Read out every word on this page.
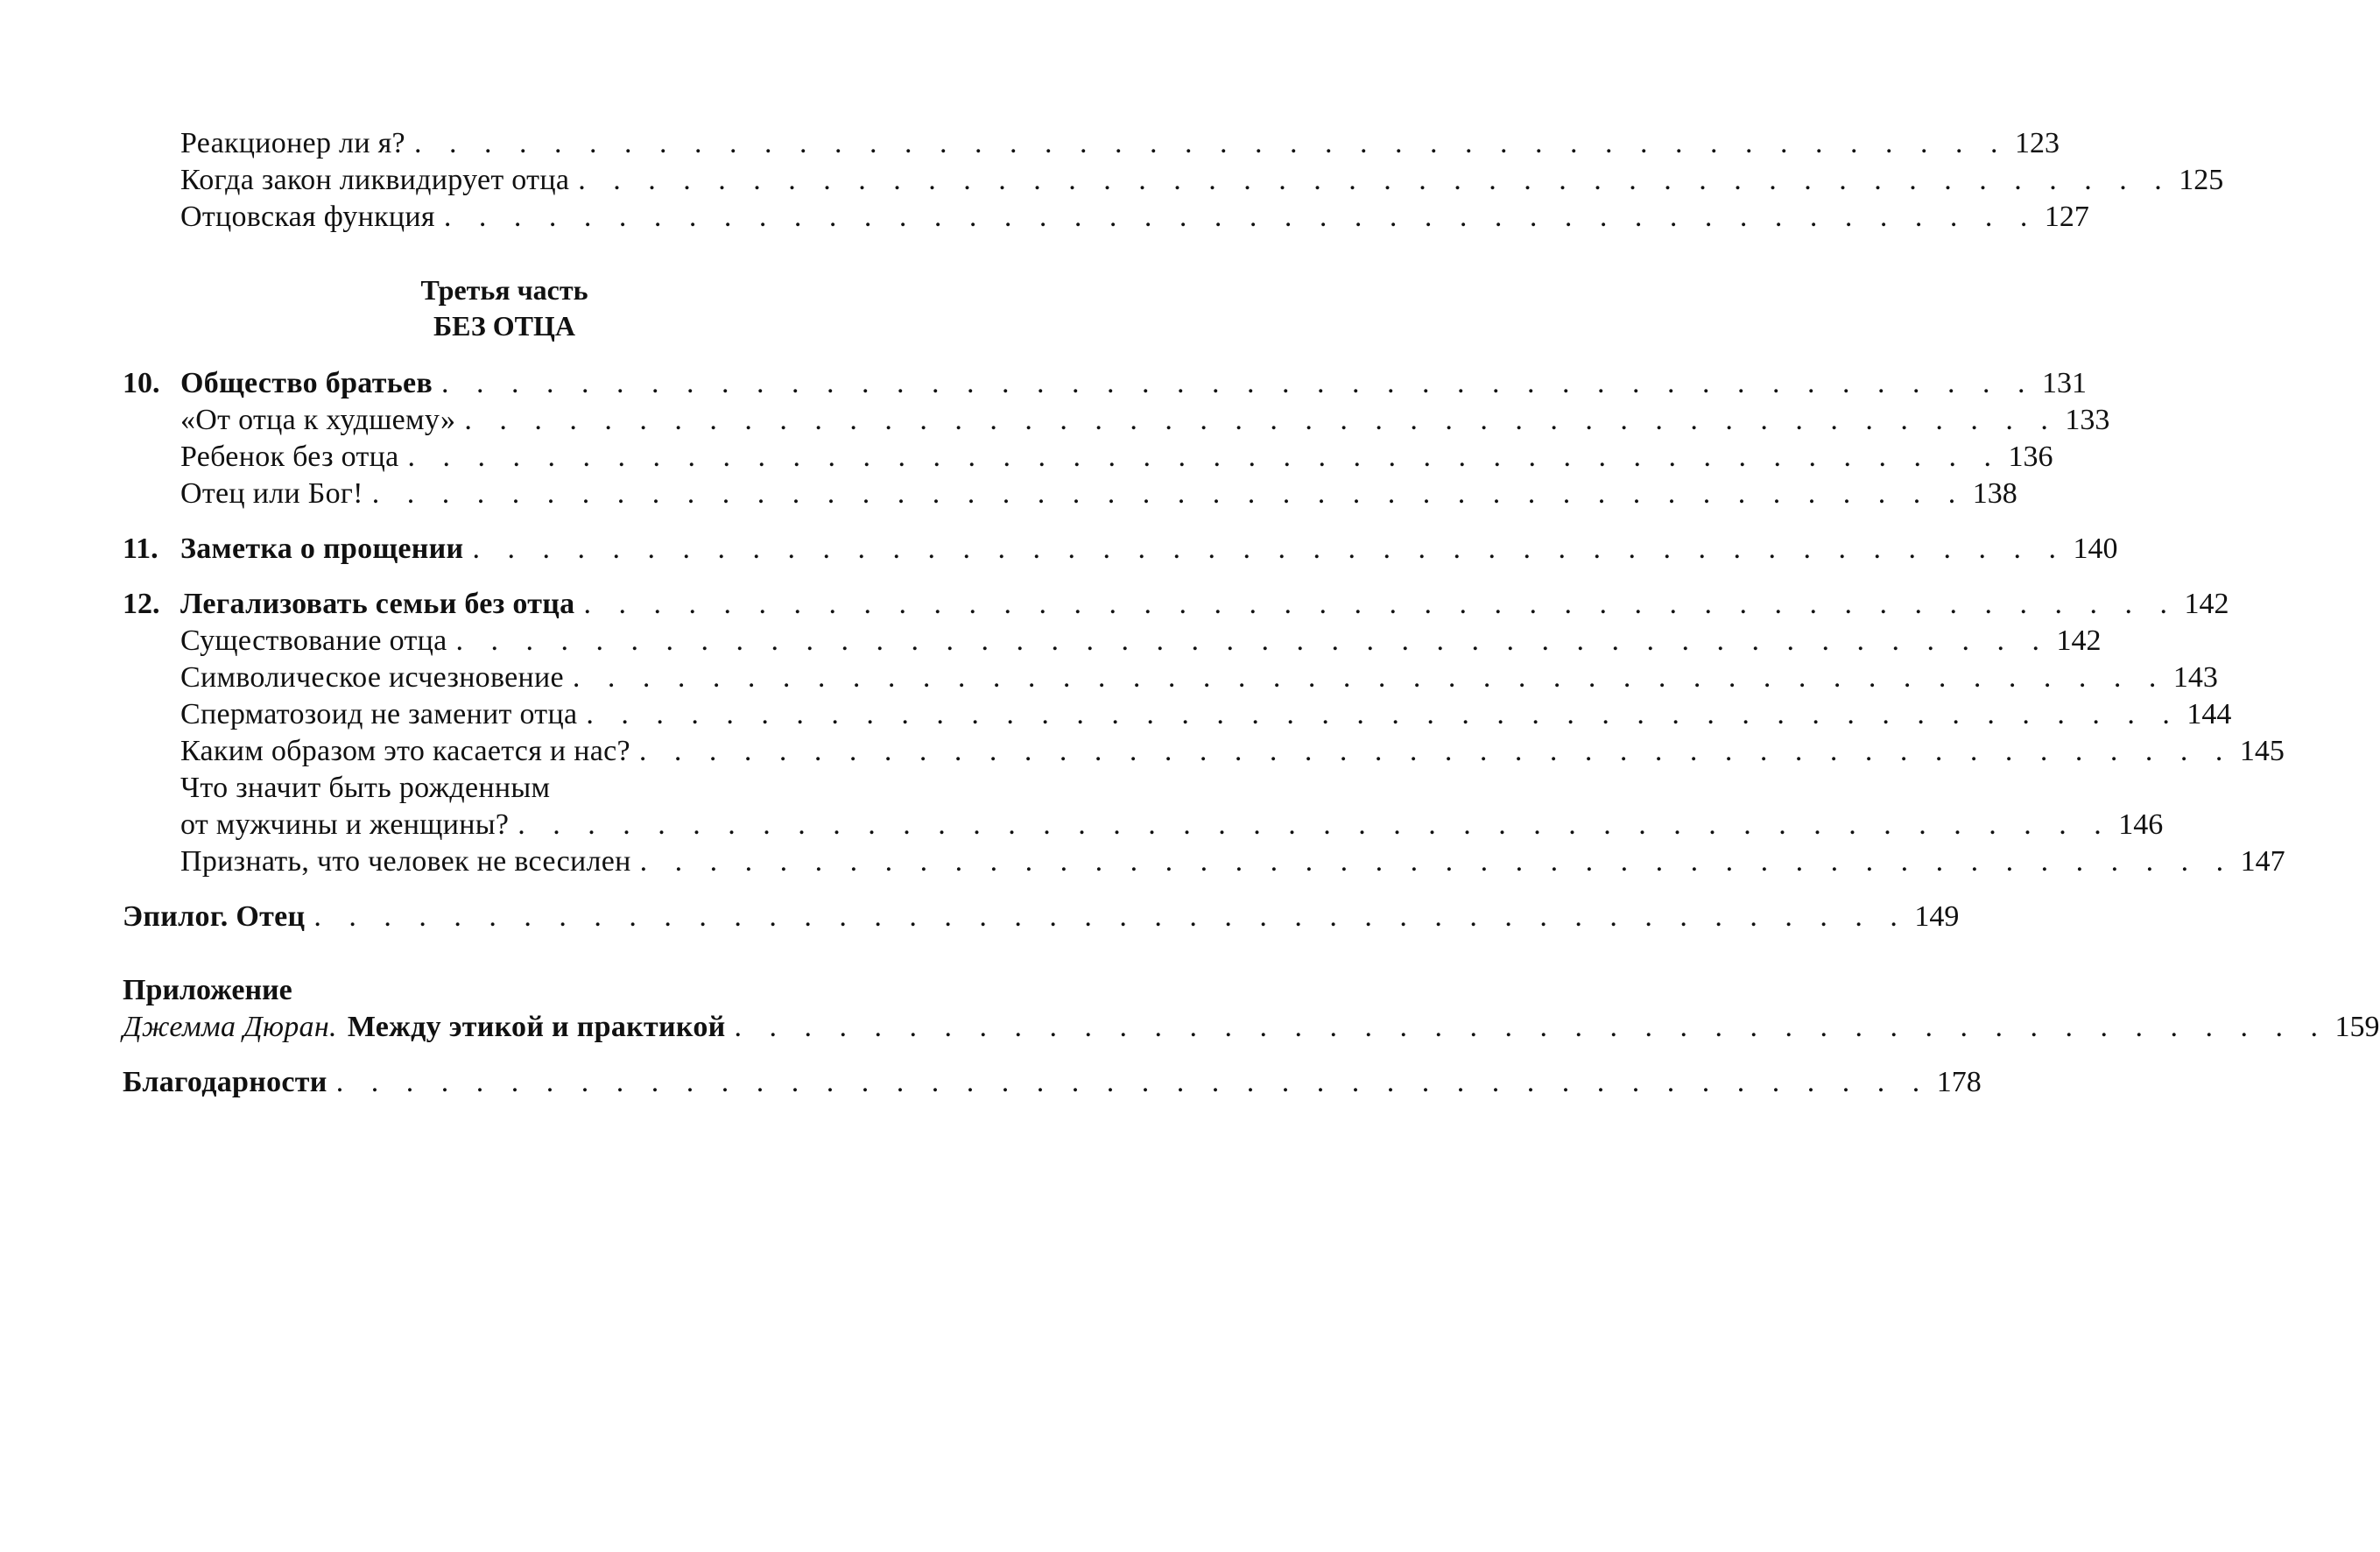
Реакционер ли я? . . . . . . . . . . . . . . . . . . . . . . . . . . . . . . . . . . . . . . . . . . . . . . 123
Когда закон ликвидирует отца . . . . . . . . . . . . . . . . . . . . . . . . . . . . . . . . . . . . . . . . . . . . . . 125
Отцовская функция . . . . . . . . . . . . . . . . . . . . . . . . . . . . . . . . . . . . . . . . . . . . . . 127
Третья часть
БЕЗ ОТЦА
10. Общество братьев . . . . . . . . . . . . . . . . . . . . . . . . . . . . . . . . . . . . . . . . . . . . . . 131
«От отца к худшему» . . . . . . . . . . . . . . . . . . . . . . . . . . . . . . . . . . . . . . . . . . . . . . 133
Ребенок без отца . . . . . . . . . . . . . . . . . . . . . . . . . . . . . . . . . . . . . . . . . . . . . . 136
Отец или Бог! . . . . . . . . . . . . . . . . . . . . . . . . . . . . . . . . . . . . . . . . . . . . . . 138
11. Заметка о прощении . . . . . . . . . . . . . . . . . . . . . . . . . . . . . . . . . . . . . . . . . . . . . . 140
12. Легализовать семьи без отца . . . . . . . . . . . . . . . . . . . . . . . . . . . . . . . . . . . . . . . . . . . . . . 142
Существование отца . . . . . . . . . . . . . . . . . . . . . . . . . . . . . . . . . . . . . . . . . . . . . . 142
Символическое исчезновение . . . . . . . . . . . . . . . . . . . . . . . . . . . . . . . . . . . . . . . . . . . . . . 143
Сперматозоид не заменит отца . . . . . . . . . . . . . . . . . . . . . . . . . . . . . . . . . . . . . . . . . . . . . . 144
Каким образом это касается и нас? . . . . . . . . . . . . . . . . . . . . . . . . . . . . . . . . . . . . . . . . . . . . . . 145
Что значит быть рожденным
от мужчины и женщины? . . . . . . . . . . . . . . . . . . . . . . . . . . . . . . . . . . . . . . . . . . . . . . 146
Признать, что человек не всесилен . . . . . . . . . . . . . . . . . . . . . . . . . . . . . . . . . . . . . . . . . . . . . . 147
Эпилог. Отец . . . . . . . . . . . . . . . . . . . . . . . . . . . . . . . . . . . . . . . . . . . . . . 149
Приложение
Джемма Дюран. Между этикой и практикой . . . . . . . . . . . . . . . . . . . . . . . . . . . . . . . . . . . . . . . . . . . . . . 159
Благодарности . . . . . . . . . . . . . . . . . . . . . . . . . . . . . . . . . . . . . . . . . . . . . . 178
